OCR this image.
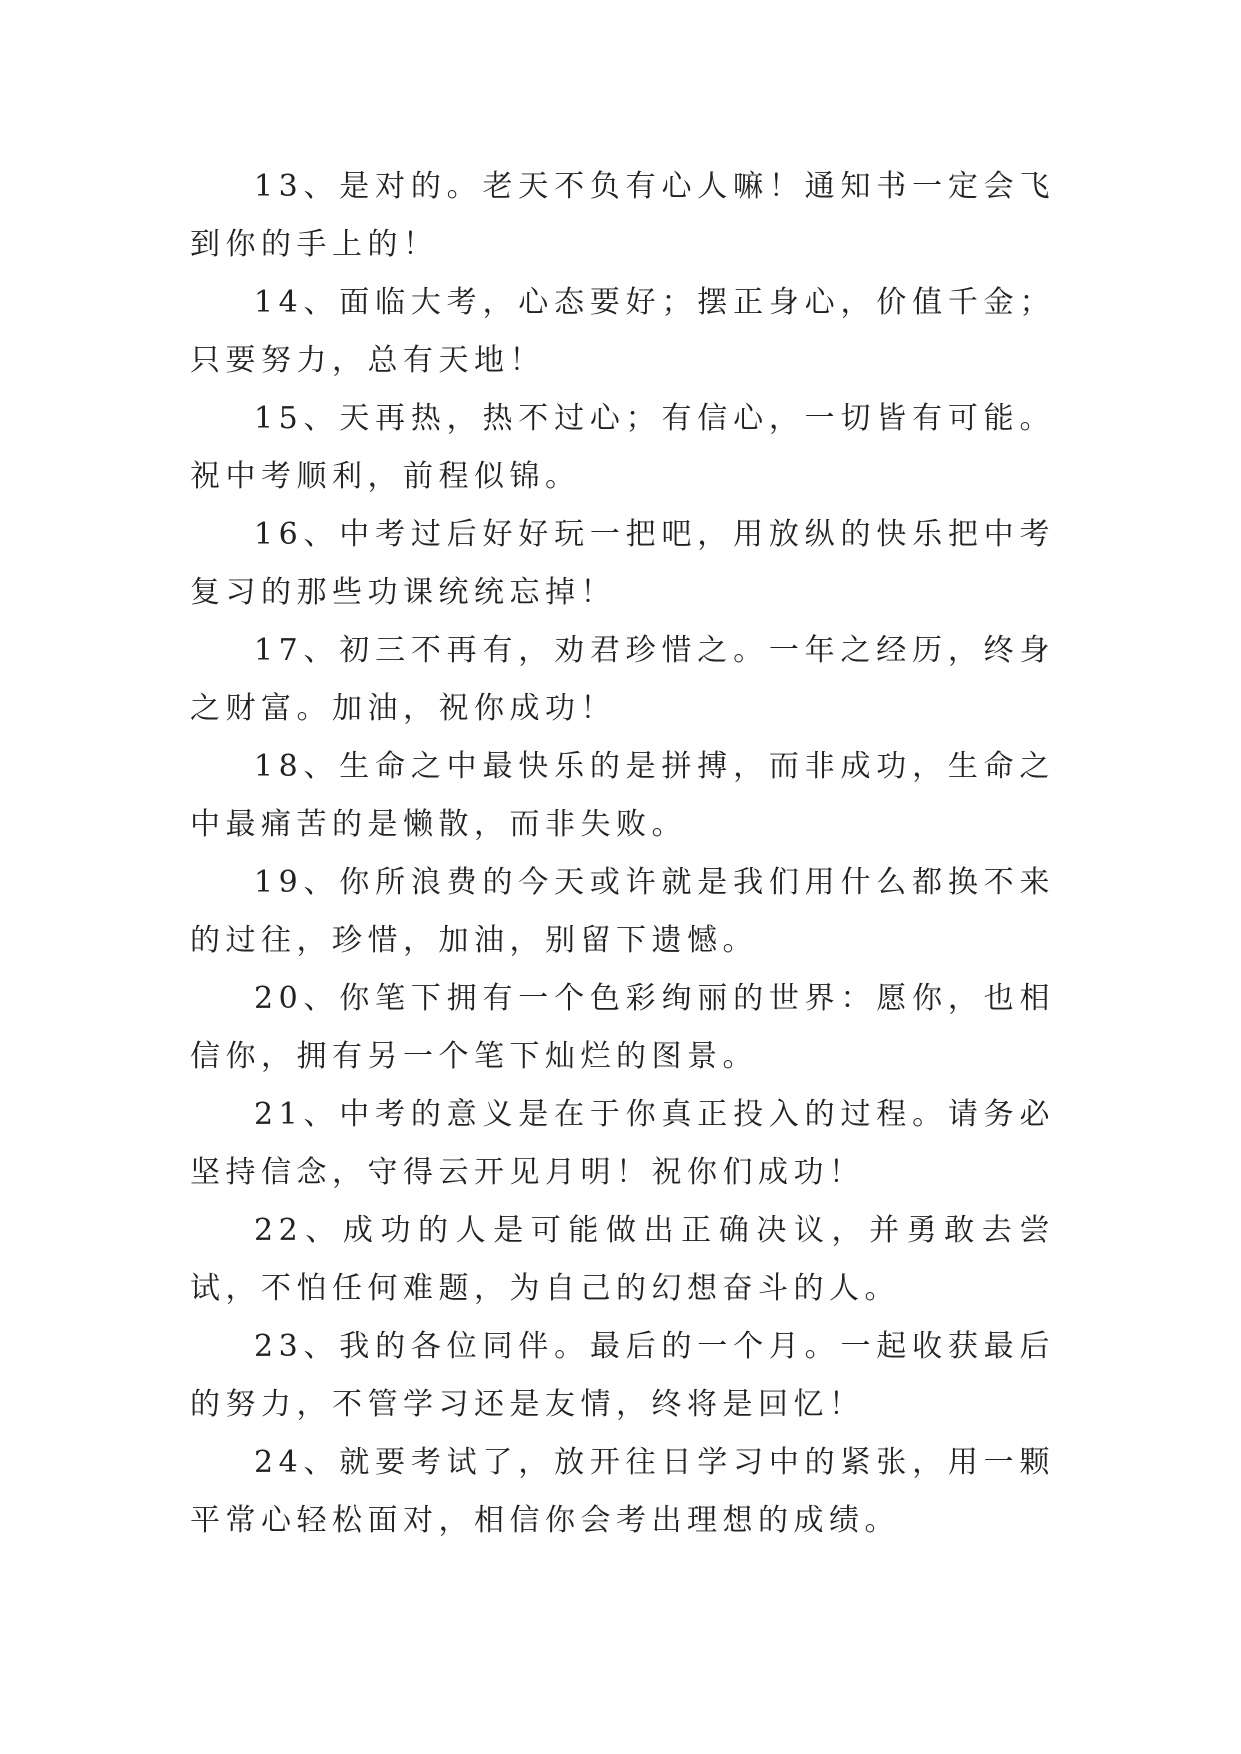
13、是对的。老天不负有心人嘛！通知书一定会飞到你的手上的！

14、面临大考，心态要好；摆正身心，价值千金；只要努力，总有天地！

15、天再热，热不过心；有信心，一切皆有可能。祝中考顺利，前程似锦。

16、中考过后好好玩一把吧，用放纵的快乐把中考复习的那些功课统统忘掉！

17、初三不再有，劝君珍惜之。一年之经历，终身之财富。加油，祝你成功！

18、生命之中最快乐的是拼搏，而非成功，生命之中最痛苦的是懒散，而非失败。

19、你所浪费的今天或许就是我们用什么都换不来的过往，珍惜，加油，别留下遗憾。

20、你笔下拥有一个色彩绚丽的世界：愿你，也相信你，拥有另一个笔下灿烂的图景。

21、中考的意义是在于你真正投入的过程。请务必坚持信念，守得云开见月明！祝你们成功！

22、成功的人是可能做出正确决议，并勇敢去尝试，不怕任何难题，为自己的幻想奋斗的人。

23、我的各位同伴。最后的一个月。一起收获最后的努力，不管学习还是友情，终将是回忆！

24、就要考试了，放开往日学习中的紧张，用一颗平常心轻松面对，相信你会考出理想的成绩。
